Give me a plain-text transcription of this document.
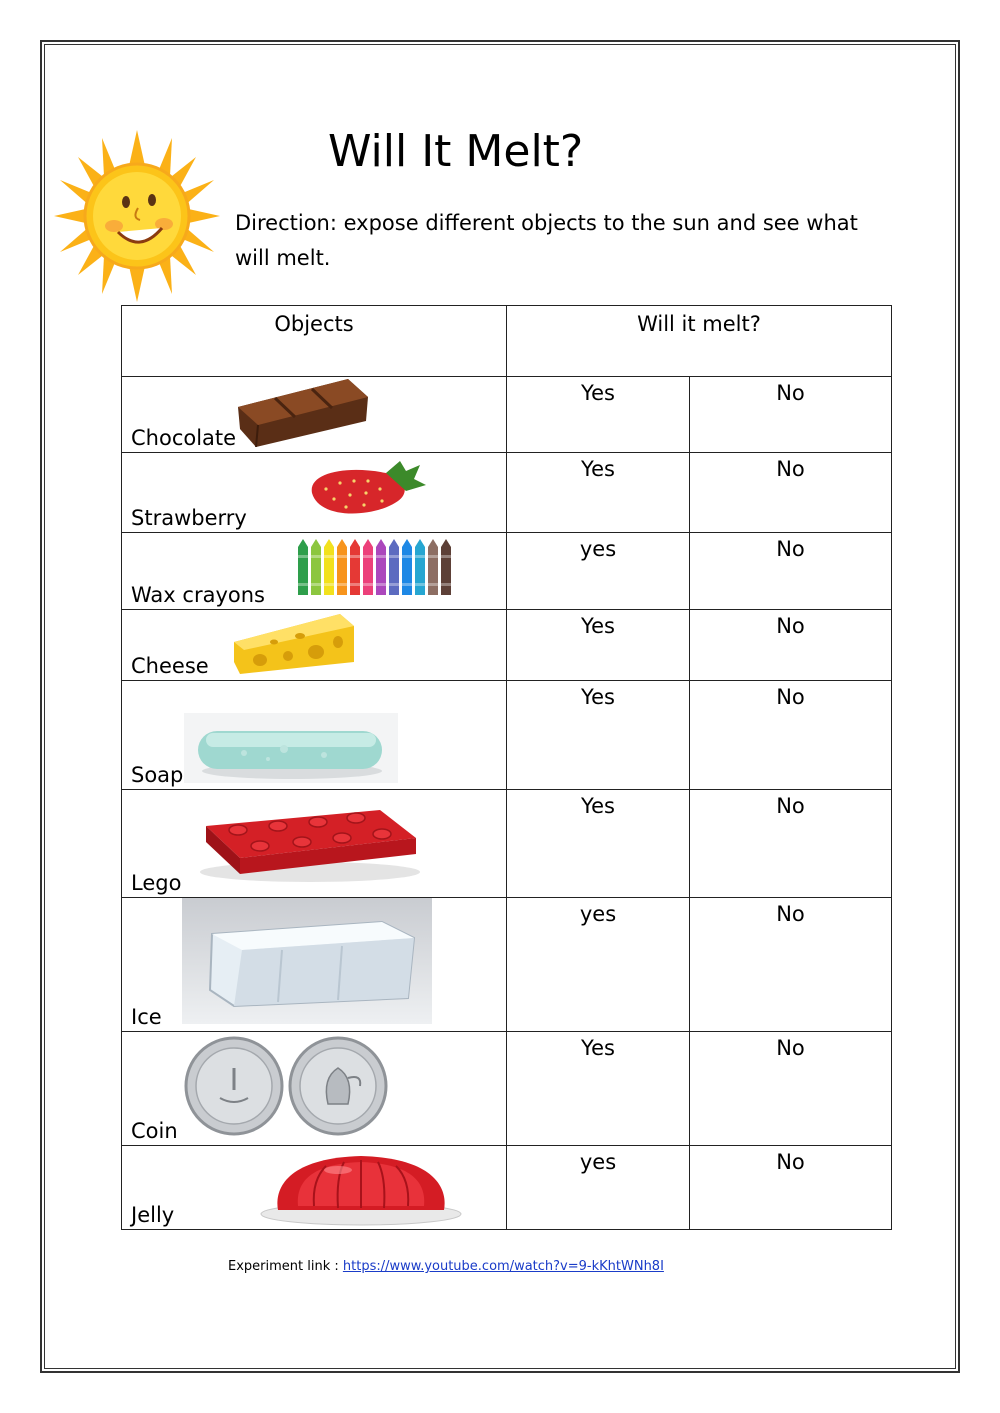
Will It Melt?
Direction: expose different objects to the sun and see what will melt.
Objects	Will it melt?	

Chocolate	Yes	No

Strawberry	Yes	No

Wax crayons	yes	No

Cheese	Yes	No

Soap	Yes	No

Lego	Yes	No

Ice	yes	No

Coin	Yes	No

Jelly	yes	No
Experiment link : https://www.youtube.com/watch?v=9-kKhtWNh8I
